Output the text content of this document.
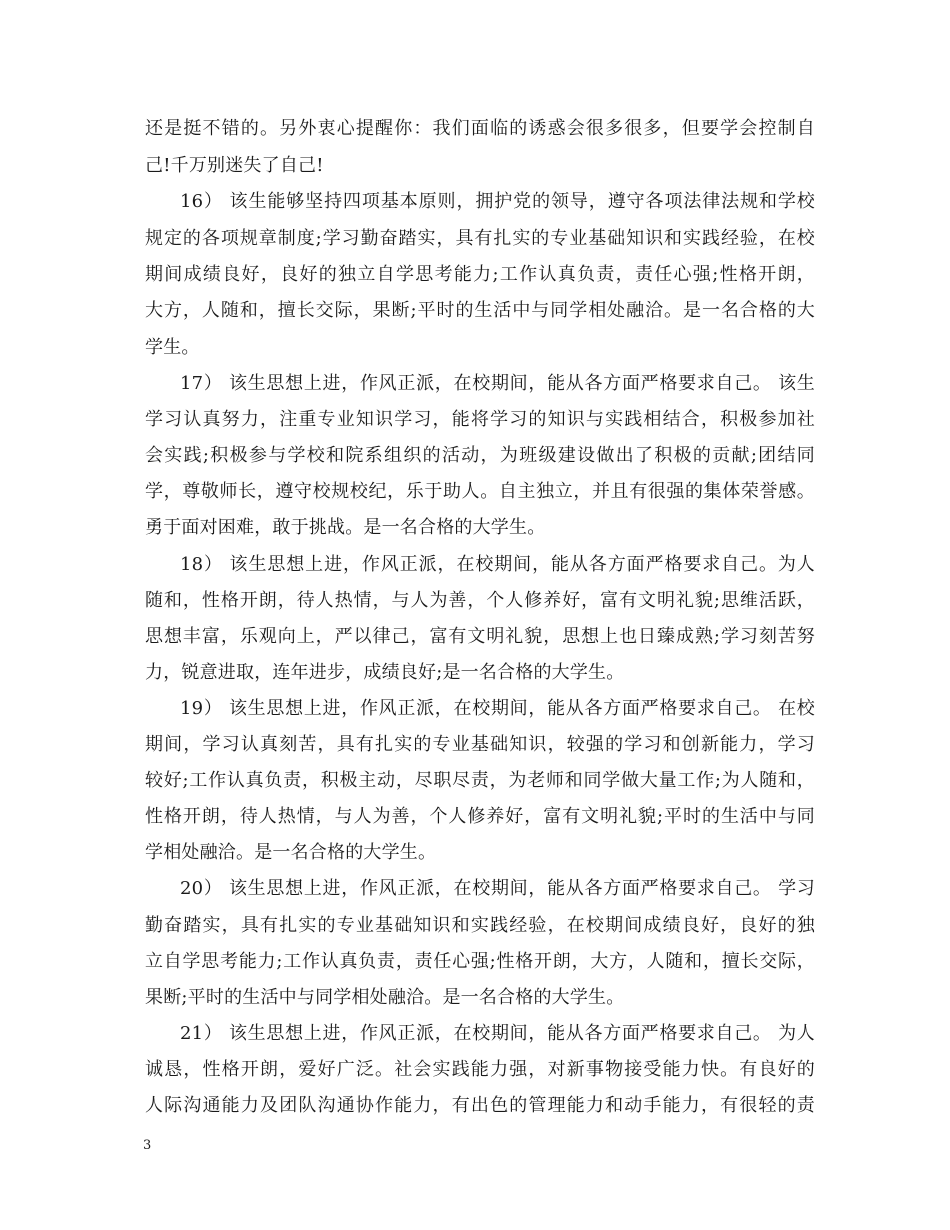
还是挺不错的。另外衷心提醒你：我们面临的诱惑会很多很多，但要学会控制自
己!千万别迷失了自己!
16） 该生能够坚持四项基本原则，拥护党的领导，遵守各项法律法规和学校
规定的各项规章制度;学习勤奋踏实，具有扎实的专业基础知识和实践经验，在校
期间成绩良好，良好的独立自学思考能力;工作认真负责，责任心强;性格开朗，
大方，人随和，擅长交际，果断;平时的生活中与同学相处融洽。是一名合格的大
学生。
17） 该生思想上进，作风正派，在校期间，能从各方面严格要求自己。 该生
学习认真努力，注重专业知识学习，能将学习的知识与实践相结合，积极参加社
会实践;积极参与学校和院系组织的活动，为班级建设做出了积极的贡献;团结同
学，尊敬师长，遵守校规校纪，乐于助人。自主独立，并且有很强的集体荣誉感。
勇于面对困难，敢于挑战。是一名合格的大学生。
18） 该生思想上进，作风正派，在校期间，能从各方面严格要求自己。为人
随和，性格开朗，待人热情，与人为善，个人修养好，富有文明礼貌;思维活跃，
思想丰富，乐观向上，严以律己，富有文明礼貌，思想上也日臻成熟;学习刻苦努
力，锐意进取，连年进步，成绩良好;是一名合格的大学生。
19） 该生思想上进，作风正派，在校期间，能从各方面严格要求自己。 在校
期间，学习认真刻苦，具有扎实的专业基础知识，较强的学习和创新能力，学习
较好;工作认真负责，积极主动，尽职尽责，为老师和同学做大量工作;为人随和，
性格开朗，待人热情，与人为善，个人修养好，富有文明礼貌;平时的生活中与同
学相处融洽。是一名合格的大学生。
20） 该生思想上进，作风正派，在校期间，能从各方面严格要求自己。 学习
勤奋踏实，具有扎实的专业基础知识和实践经验，在校期间成绩良好，良好的独
立自学思考能力;工作认真负责，责任心强;性格开朗，大方，人随和，擅长交际，
果断;平时的生活中与同学相处融洽。是一名合格的大学生。
21） 该生思想上进，作风正派，在校期间，能从各方面严格要求自己。 为人
诚恳，性格开朗，爱好广泛。社会实践能力强，对新事物接受能力快。有良好的
人际沟通能力及团队沟通协作能力，有出色的管理能力和动手能力，有很轻的责
3
